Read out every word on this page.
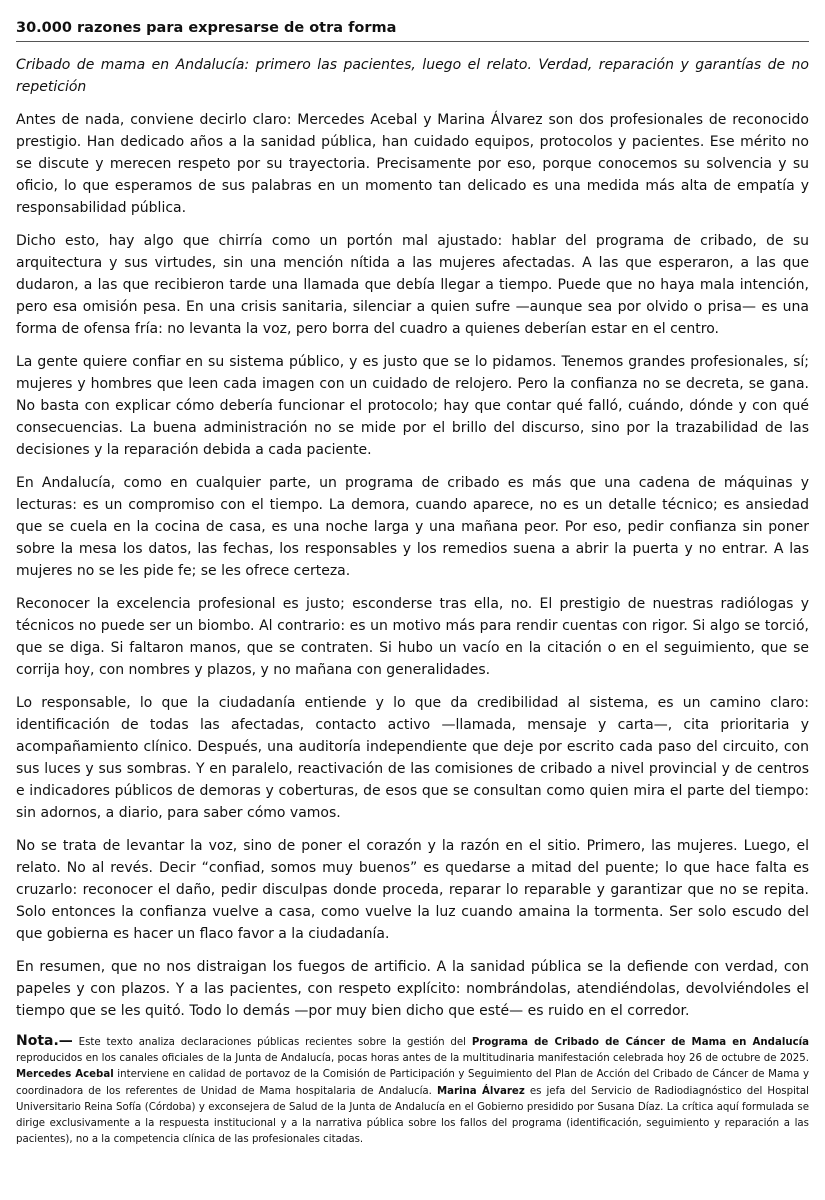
30.000 razones para expresarse de otra forma
Cribado de mama en Andalucía: primero las pacientes, luego el relato. Verdad, reparación y garantías de no repetición

Antes de nada, conviene decirlo claro: Mercedes Acebal y Marina Álvarez son dos profesionales de reconocido prestigio. Han dedicado años a la sanidad pública, han cuidado equipos, protocolos y pacientes. Ese mérito no se discute y merecen respeto por su trayectoria. Precisamente por eso, porque conocemos su solvencia y su oficio, lo que esperamos de sus palabras en un momento tan delicado es una medida más alta de empatía y responsabilidad pública.

Dicho esto, hay algo que chirría como un portón mal ajustado: hablar del programa de cribado, de su arquitectura y sus virtudes, sin una mención nítida a las mujeres afectadas. A las que esperaron, a las que dudaron, a las que recibieron tarde una llamada que debía llegar a tiempo. Puede que no haya mala intención, pero esa omisión pesa. En una crisis sanitaria, silenciar a quien sufre —aunque sea por olvido o prisa— es una forma de ofensa fría: no levanta la voz, pero borra del cuadro a quienes deberían estar en el centro.

La gente quiere confiar en su sistema público, y es justo que se lo pidamos. Tenemos grandes profesionales, sí; mujeres y hombres que leen cada imagen con un cuidado de relojero. Pero la confianza no se decreta, se gana. No basta con explicar cómo debería funcionar el protocolo; hay que contar qué falló, cuándo, dónde y con qué consecuencias. La buena administración no se mide por el brillo del discurso, sino por la trazabilidad de las decisiones y la reparación debida a cada paciente.

En Andalucía, como en cualquier parte, un programa de cribado es más que una cadena de máquinas y lecturas: es un compromiso con el tiempo. La demora, cuando aparece, no es un detalle técnico; es ansiedad que se cuela en la cocina de casa, es una noche larga y una mañana peor. Por eso, pedir confianza sin poner sobre la mesa los datos, las fechas, los responsables y los remedios suena a abrir la puerta y no entrar. A las mujeres no se les pide fe; se les ofrece certeza.

Reconocer la excelencia profesional es justo; esconderse tras ella, no. El prestigio de nuestras radiólogas y técnicos no puede ser un biombo. Al contrario: es un motivo más para rendir cuentas con rigor. Si algo se torció, que se diga. Si faltaron manos, que se contraten. Si hubo un vacío en la citación o en el seguimiento, que se corrija hoy, con nombres y plazos, y no mañana con generalidades.

Lo responsable, lo que la ciudadanía entiende y lo que da credibilidad al sistema, es un camino claro: identificación de todas las afectadas, contacto activo —llamada, mensaje y carta—, cita prioritaria y acompañamiento clínico. Después, una auditoría independiente que deje por escrito cada paso del circuito, con sus luces y sus sombras. Y en paralelo, reactivación de las comisiones de cribado a nivel provincial y de centros e indicadores públicos de demoras y coberturas, de esos que se consultan como quien mira el parte del tiempo: sin adornos, a diario, para saber cómo vamos.

No se trata de levantar la voz, sino de poner el corazón y la razón en el sitio. Primero, las mujeres. Luego, el relato. No al revés. Decir “confiad, somos muy buenos” es quedarse a mitad del puente; lo que hace falta es cruzarlo: reconocer el daño, pedir disculpas donde proceda, reparar lo reparable y garantizar que no se repita. Solo entonces la confianza vuelve a casa, como vuelve la luz cuando amaina la tormenta. Ser solo escudo del que gobierna es hacer un flaco favor a la ciudadanía.

En resumen, que no nos distraigan los fuegos de artificio. A la sanidad pública se la defiende con verdad, con papeles y con plazos. Y a las pacientes, con respeto explícito: nombrándolas, atendiéndolas, devolviéndoles el tiempo que se les quitó. Todo lo demás —por muy bien dicho que esté— es ruido en el corredor.

Nota.— Este texto analiza declaraciones públicas recientes sobre la gestión del Programa de Cribado de Cáncer de Mama en Andalucía reproducidos en los canales oficiales de la Junta de Andalucía, pocas horas antes de la multitudinaria manifestación celebrada hoy 26 de octubre de 2025. Mercedes Acebal interviene en calidad de portavoz de la Comisión de Participación y Seguimiento del Plan de Acción del Cribado de Cáncer de Mama y coordinadora de los referentes de Unidad de Mama hospitalaria de Andalucía. Marina Álvarez es jefa del Servicio de Radiodiagnóstico del Hospital Universitario Reina Sofía (Córdoba) y exconsejera de Salud de la Junta de Andalucía en el Gobierno presidido por Susana Díaz. La crítica aquí formulada se dirige exclusivamente a la respuesta institucional y a la narrativa pública sobre los fallos del programa (identificación, seguimiento y reparación a las pacientes), no a la competencia clínica de las profesionales citadas.
